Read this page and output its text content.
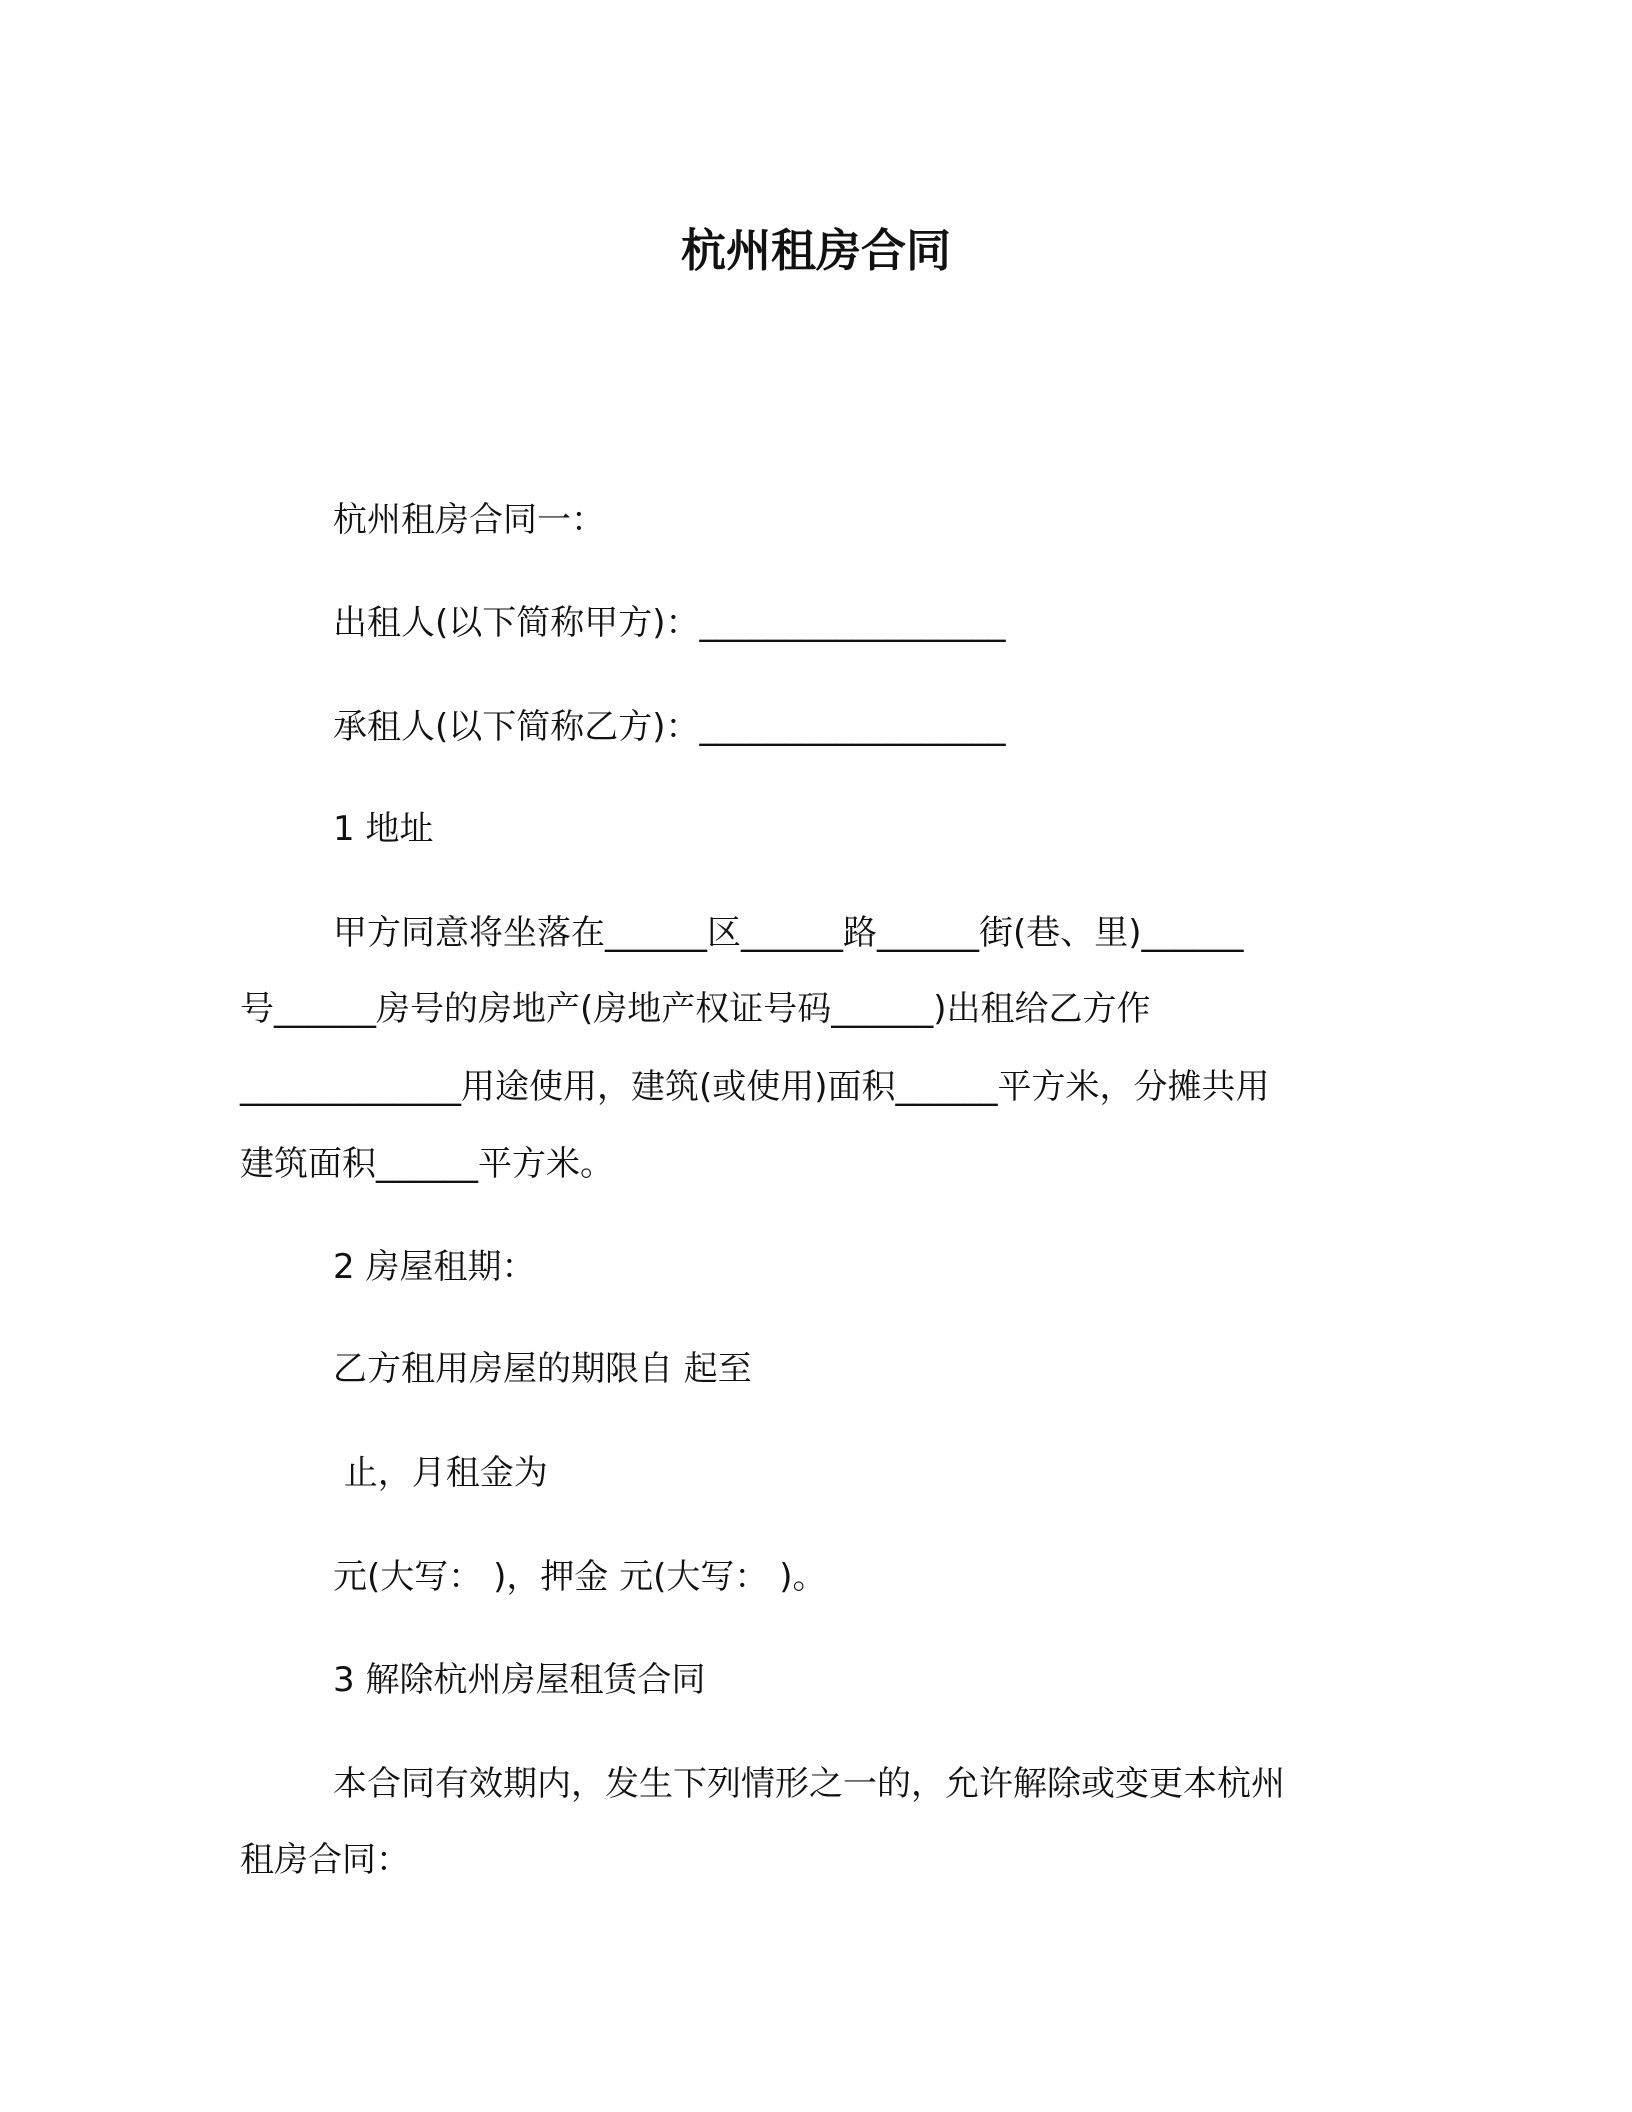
杭州租房合同
杭州租房合同一：
出租人(以下简称甲方)：__________________
承租人(以下简称乙方)：__________________
1 地址
甲方同意将坐落在______区______路______街(巷、里)______
号______房号的房地产(房地产权证号码______)出租给乙方作
_____________用途使用，建筑(或使用)面积______平方米，分摊共用
建筑面积______平方米。
2 房屋租期：
乙方租用房屋的期限自 起至
止，月租金为
元(大写： )，押金 元(大写： )。
3 解除杭州房屋租赁合同
本合同有效期内，发生下列情形之一的，允许解除或变更本杭州
租房合同：
